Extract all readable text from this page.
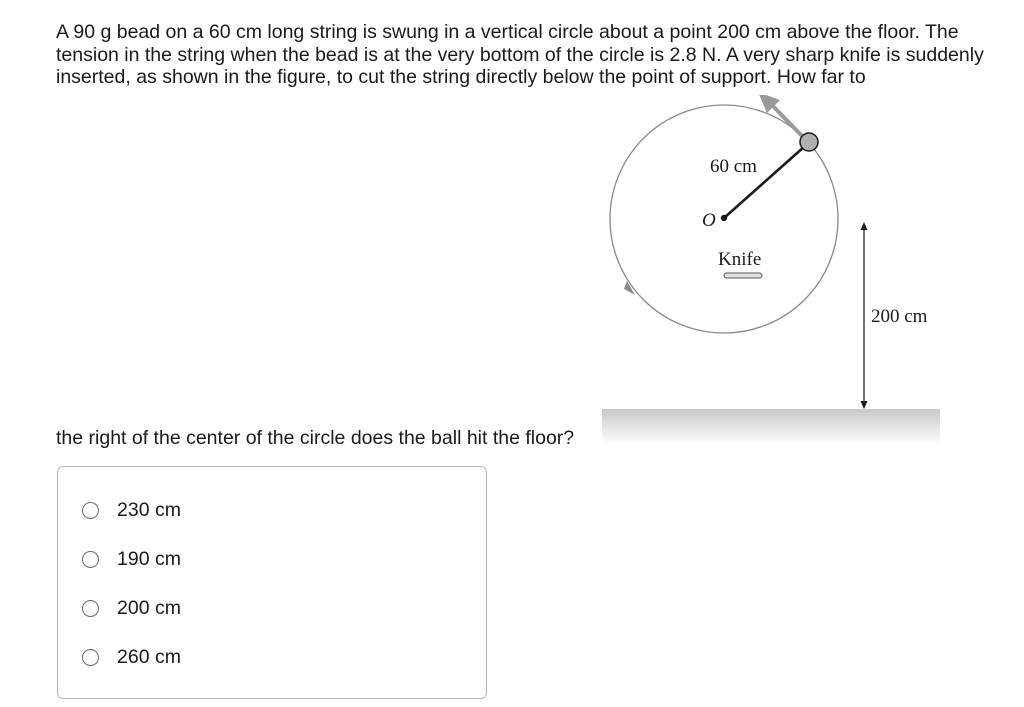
A 90 g bead on a 60 cm long string is swung in a vertical circle about a point 200 cm above the floor. The tension in the string when the bead is at the very bottom of the circle is 2.8 N. A very sharp knife is suddenly inserted, as shown in the figure, to cut the string directly below the point of support. How far to

60 cm
O
Knife
200 cm

the right of the center of the circle does the ball hit the floor?

230 cm
190 cm
200 cm
260 cm
